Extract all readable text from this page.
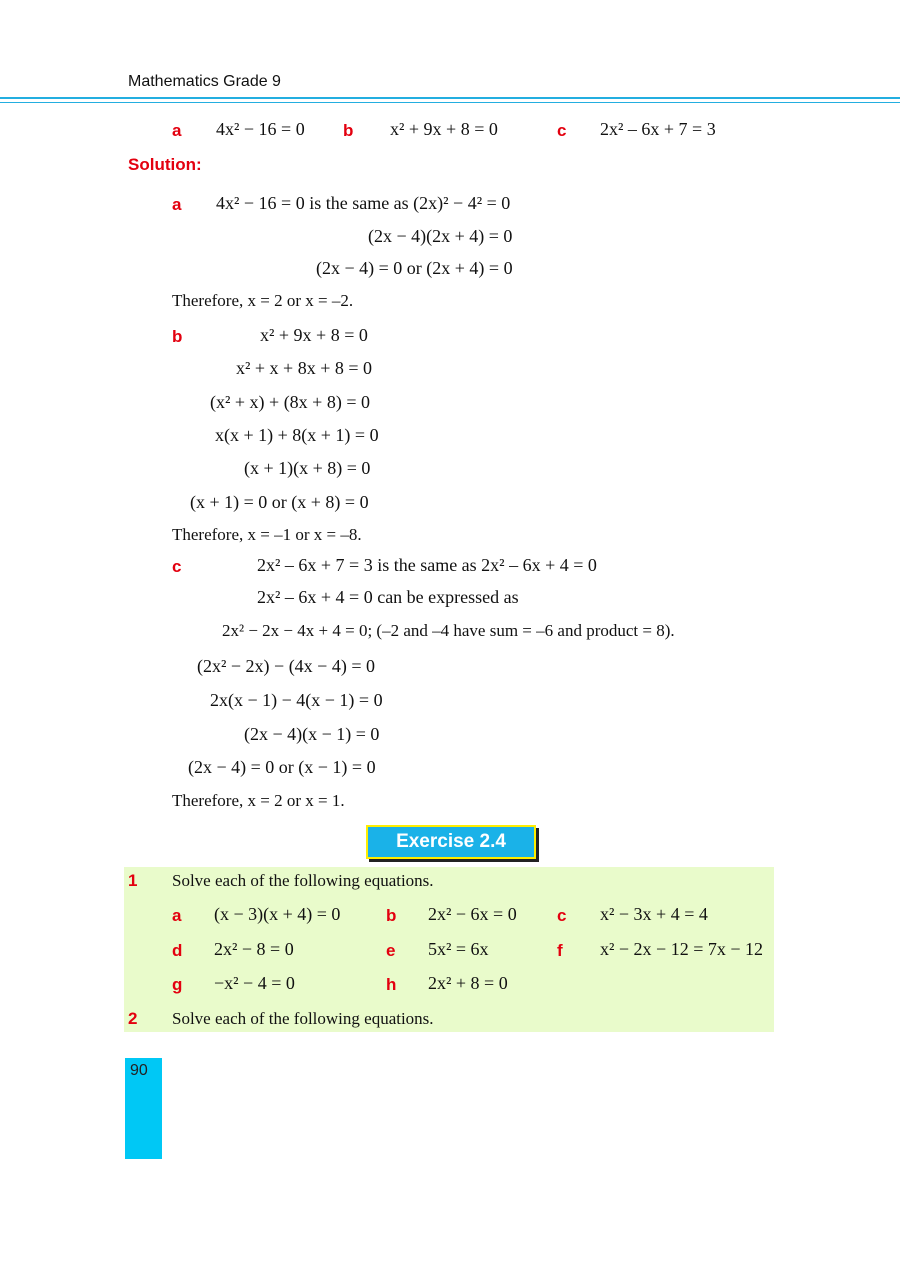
Mathematics Grade 9
a 4x² − 16 = 0 b x² + 9x + 8 = 0	c 2x² – 6x + 7 = 3
Solution:
a 4x² − 16 = 0 is the same as (2x)² − 4² = 0
(2x − 4)(2x + 4) = 0
(2x − 4) = 0 or (2x + 4) = 0
Therefore, x = 2 or x = –2.
b	x² + 9x + 8 = 0
x² + x + 8x + 8 = 0
(x² + x) + (8x + 8) = 0
x(x + 1) + 8(x + 1) = 0
(x + 1)(x + 8) = 0
(x + 1) = 0 or (x + 8) = 0
Therefore, x = –1 or x = –8.
c	2x² – 6x + 7 = 3 is the same as 2x² – 6x + 4 = 0
2x² – 6x + 4 = 0 can be expressed as
2x² − 2x − 4x + 4 = 0; (–2 and –4 have sum = –6 and product = 8).
(2x² − 2x) − (4x − 4) = 0
2x(x − 1) − 4(x − 1) = 0
(2x − 4)(x − 1) = 0
(2x − 4) = 0 or (x − 1) = 0
Therefore, x = 2 or x = 1.
Exercise 2.4
1 Solve each of the following equations.
a (x − 3)(x + 4) = 0	b 2x² − 6x = 0 c x² − 3x + 4 = 4
d 2x² − 8 = 0	e 5x² = 6x	f x² − 2x − 12 = 7x − 12
g −x² − 4 = 0	h 2x² + 8 = 0
2 Solve each of the following equations.
90
